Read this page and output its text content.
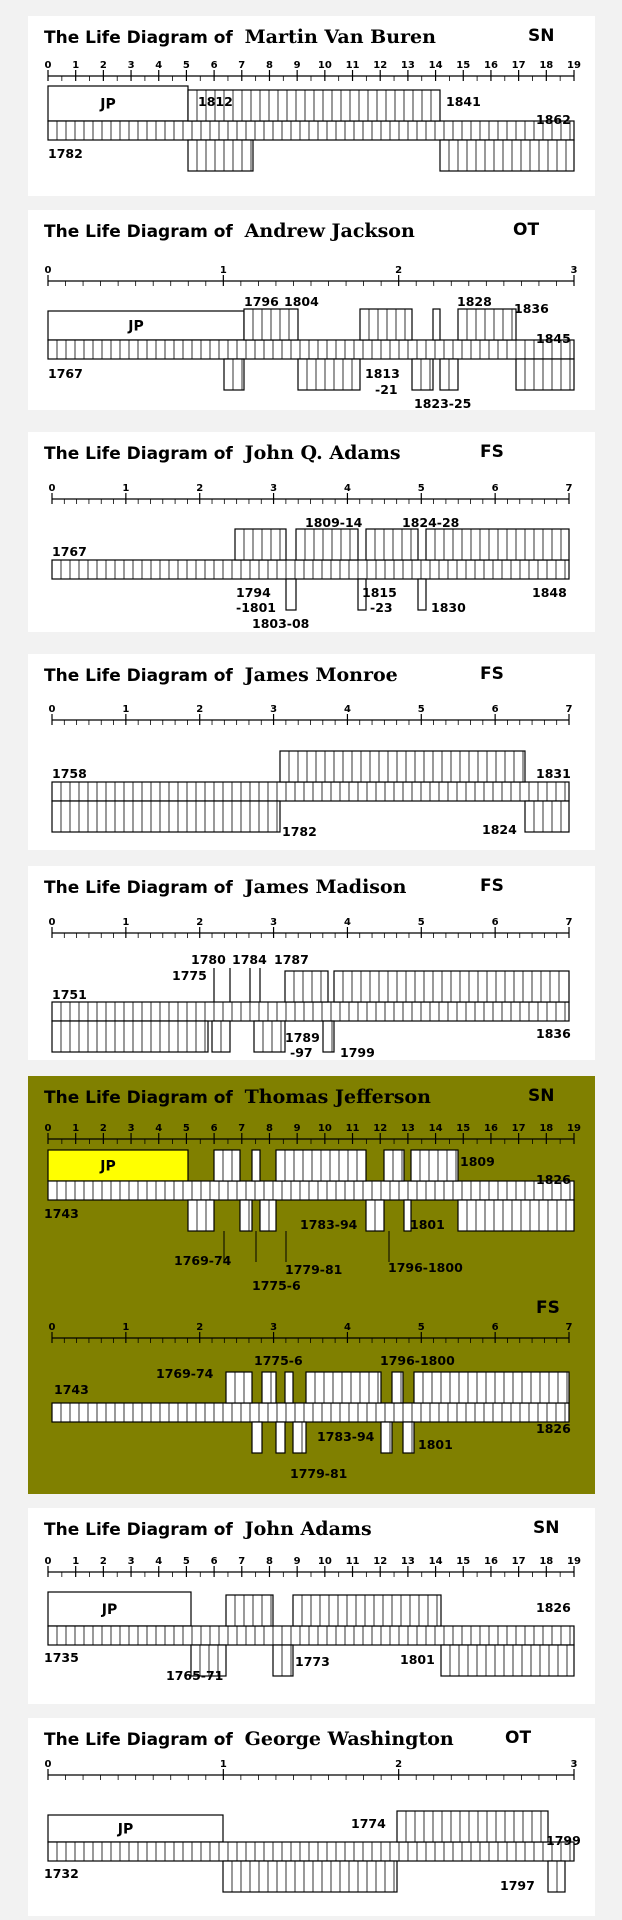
The Life Diagram of Martin Van Buren	SN
0 1 2 3 4 5 6 7 8 9 10 11 12 13 14 15 16 17 18 19
JP	1812	1841
1862
1782
The Life Diagram of Andrew Jackson	OT
0	1	2	3
JP
1796 1804	1828 1836
1845
1767	1813
-21
1823-25
The Life Diagram of John Q. Adams	FS
0	1	2	3	4	5	6	7
1809-14	1824-28
1767
1794
-1801
1803-08
1815
-23	1830
1848
The Life Diagram of James Monroe	FS
0	1	2	3	4	5	6	7
1758	1831
1782	1824
The Life Diagram of James Madison	FS
0	1	2	3	4	5	6	7
1780 1784 1787
1775
1751
1789
-97 1799
1836
The Life Diagram of Thomas Jefferson	SN
FS
0 1 2 3 4 5 6 7 8 9 10 11 12 13 14 15 16 17 18 19
JP	1809
1826
1743
1783-94	1801
1769-74
1779-81	1796-1800
1775-6
0	1	2	3	4	5	6	7
1775-6	1796-1800
1769-74
1743
1826
1783-94
1801
1779-81
The Life Diagram of John Adams	SN
0 1 2 3 4 5 6 7 8 9 10 11 12 13 14 15 16 17 18 19
JP	1826
1735	1773	1801
1765-71
The Life Diagram of George Washington	OT
0	1	2	3
JP	1774
1799
1732
1797
